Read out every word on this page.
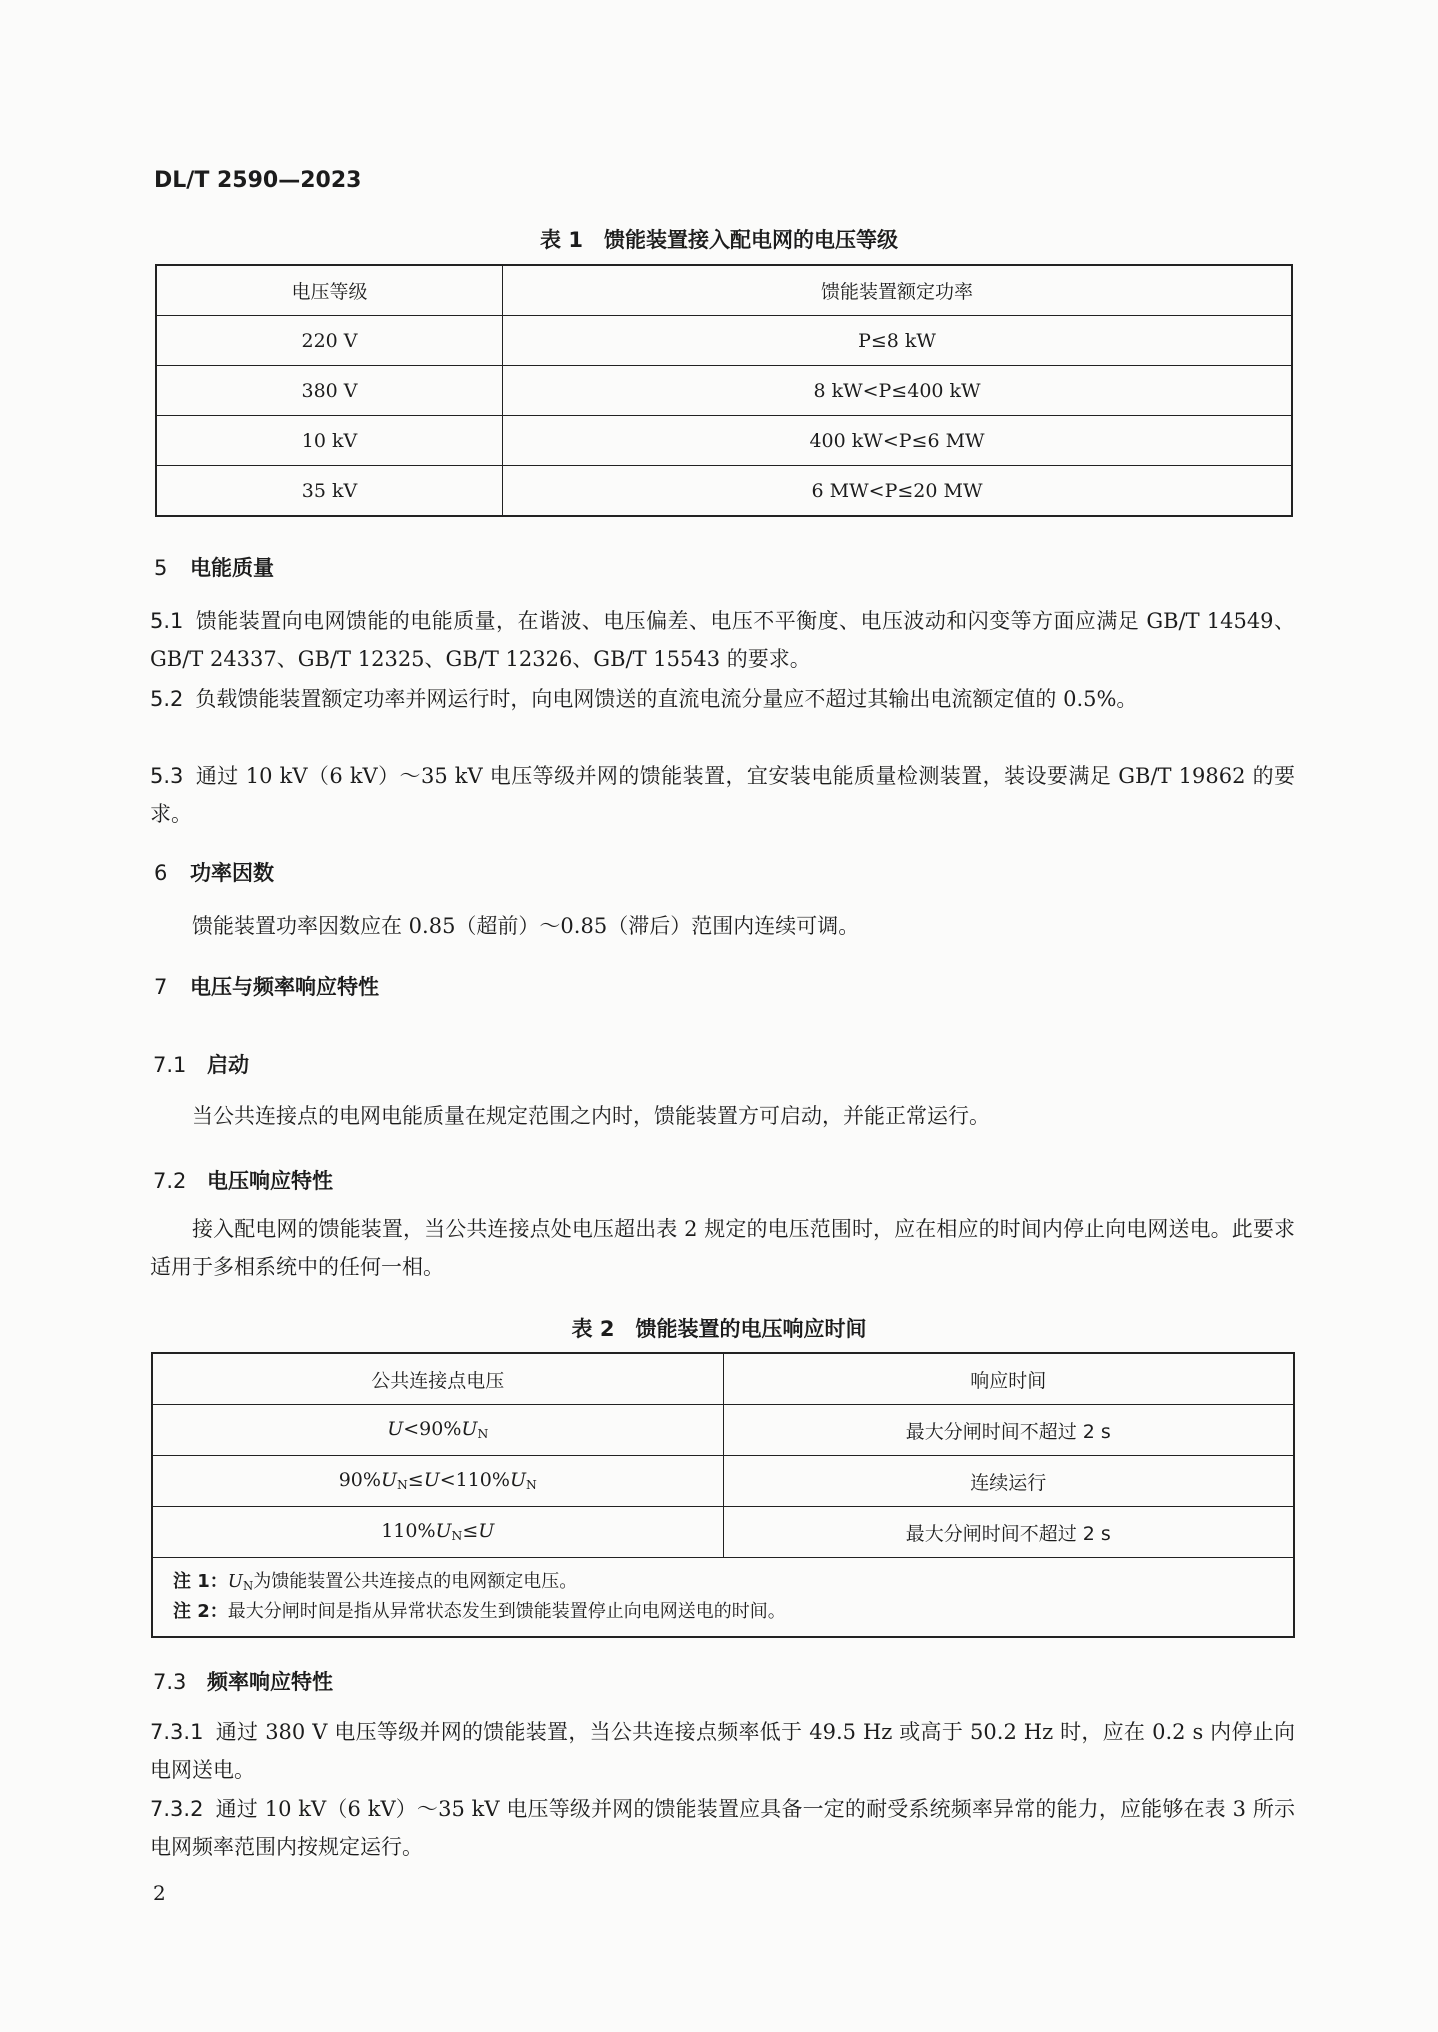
DL/T 2590—2023
表 1　馈能装置接入配电网的电压等级
电压等级	馈能装置额定功率
220 V	P≤8 kW
380 V	8 kW<P≤400 kW
10 kV	400 kW<P≤6 MW
35 kV	6 MW<P≤20 MW
5 电能质量
5.1 馈能装置向电网馈能的电能质量，在谐波、电压偏差、电压不平衡度、电压波动和闪变等方面应满足 GB/T 14549、GB/T 24337、GB/T 12325、GB/T 12326、GB/T 15543 的要求。
5.2 负载馈能装置额定功率并网运行时，向电网馈送的直流电流分量应不超过其输出电流额定值的 0.5%。
5.3 通过 10 kV（6 kV）～35 kV 电压等级并网的馈能装置，宜安装电能质量检测装置，装设要满足 GB/T 19862 的要求。
6 功率因数
馈能装置功率因数应在 0.85（超前）～0.85（滞后）范围内连续可调。
7 电压与频率响应特性
7.1 启动
当公共连接点的电网电能质量在规定范围之内时，馈能装置方可启动，并能正常运行。
7.2 电压响应特性
接入配电网的馈能装置，当公共连接点处电压超出表 2 规定的电压范围时，应在相应的时间内停止向电网送电。此要求适用于多相系统中的任何一相。
表 2　馈能装置的电压响应时间
公共连接点电压	响应时间
$U<90\%U_N$	最大分闸时间不超过 2 s
$90\%U_N\le U<110\%U_N$	连续运行
$110\%U_N\le U$	最大分闸时间不超过 2 s

注 1：$U_N$为馈能装置公共连接点的电网额定电压。
注 2：最大分闸时间是指从异常状态发生到馈能装置停止向电网送电的时间。	
7.3 频率响应特性
7.3.1 通过 380 V 电压等级并网的馈能装置，当公共连接点频率低于 49.5 Hz 或高于 50.2 Hz 时，应在 0.2 s 内停止向电网送电。
7.3.2 通过 10 kV（6 kV）～35 kV 电压等级并网的馈能装置应具备一定的耐受系统频率异常的能力，应能够在表 3 所示电网频率范围内按规定运行。
2
